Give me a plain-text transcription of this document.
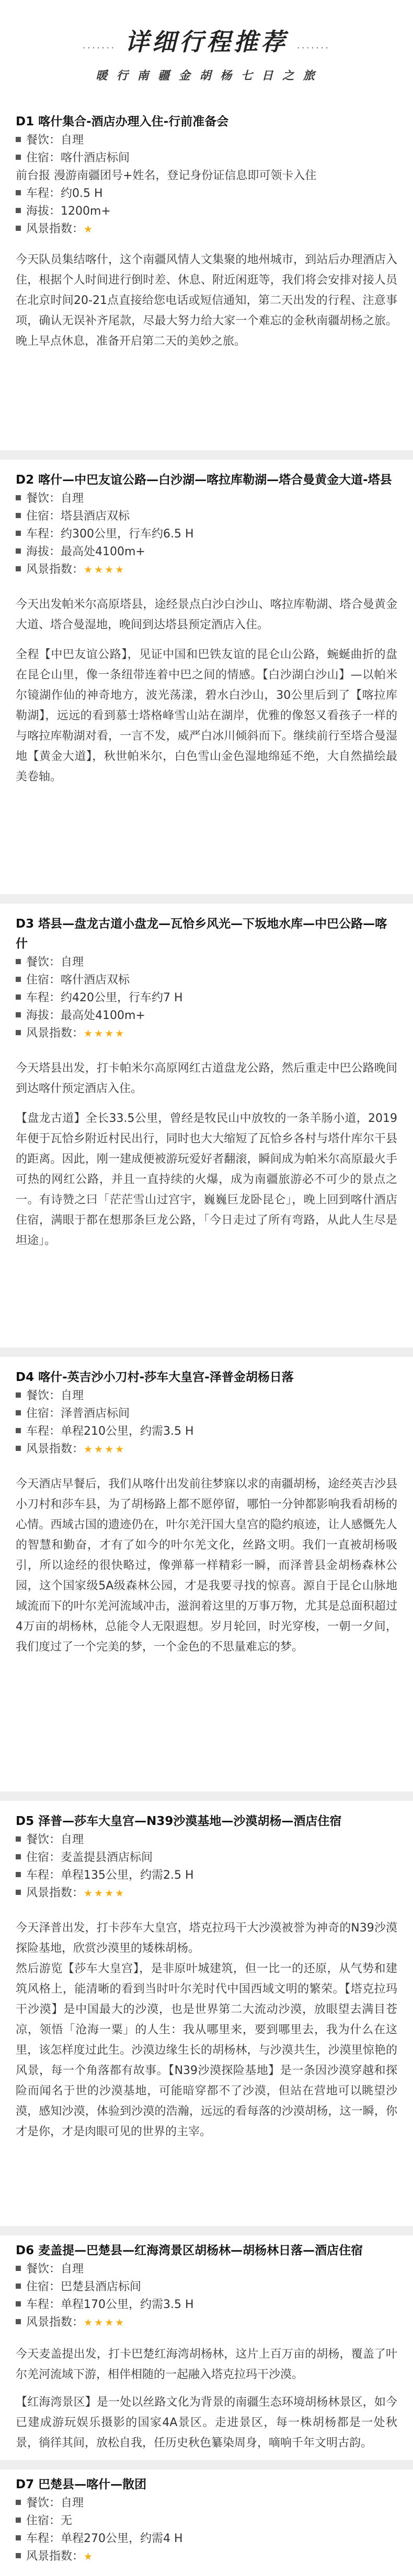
······· 详细行程推荐 ·······
暖 行 南 疆 金 胡 杨 七 日 之 旅
D1 喀什集合-酒店办理入住-行前准备会
餐饮：自理
住宿：喀什酒店标间
前台报 漫游南疆团号+姓名，登记身份证信息即可领卡入住
车程：约0.5 H
海拔：1200m+
风景指数：★
今天队员集结喀什，这个南疆风情人文集聚的地州城市，到站后办理酒店入住，根据个人时间进行倒时差、休息、附近闲逛等，我们将会安排对接人员在北京时间20-21点直接给您电话或短信通知，第二天出发的行程、注意事项，确认无误补齐尾款，尽最大努力给大家一个难忘的金秋南疆胡杨之旅。晚上早点休息，准备开启第二天的美妙之旅。
D2 喀什—中巴友谊公路—白沙湖—喀拉库勒湖—塔合曼黄金大道-塔县
餐饮：自理
住宿：塔县酒店双标
车程：约300公里，行车约6.5 H
海拔：最高处4100m+
风景指数：★★★★
今天出发帕米尔高原塔县，途经景点白沙白沙山、喀拉库勒湖、塔合曼黄金大道、塔合曼湿地，晚间到达塔县预定酒店入住。
全程【中巴友谊公路】，见证中国和巴铁友谊的昆仑山公路，蜿蜒曲折的盘在昆仑山里，像一条纽带连着中巴之间的情感。【白沙湖白沙山】—以帕米尔镜湖作仙的神奇地方，波光荡漾，碧水白沙山，30公里后到了【喀拉库勒湖】，远远的看到慕士塔格峰雪山站在湖岸，优雅的像怒又看孩子一样的与喀拉库勒湖对看，一言不发，威严白冰川倾斜而下。继续前行至塔合曼湿地【黄金大道】，秋世帕米尔，白色雪山金色湿地绵延不绝，大自然描绘最美卷轴。
D3 塔县—盘龙古道小盘龙—瓦恰乡风光—下坂地水库—中巴公路—喀什
餐饮：自理
住宿：喀什酒店双标
车程：约420公里，行车约7 H
海拔：最高处4100m+
风景指数：★★★★
今天塔县出发，打卡帕米尔高原网红古道盘龙公路，然后重走中巴公路晚间到达喀什预定酒店入住。
【盘龙古道】全长33.5公里，曾经是牧民山中放牧的一条羊肠小道，2019年便于瓦恰乡附近村民出行，同时也大大缩短了瓦恰乡各村与塔什库尔干县的距离。因此，刚一建成便被游玩爱好者翻滚，瞬间成为帕米尔高原最火手可热的网红公路，并且一直持续的火爆，成为南疆旅游必不可少的景点之一。有诗赞之曰「茫茫雪山过宫宇，巍巍巨龙卧昆仑」，晚上回到喀什酒店住宿，满眼于都在想那条巨龙公路，「今日走过了所有弯路，从此人生尽是坦途」。
D4 喀什-英吉沙小刀村-莎车大皇宫-泽普金胡杨日落
餐饮：自理
住宿：泽普酒店标间
车程：单程210公里，约需3.5 H
风景指数：★★★★
今天酒店早餐后，我们从喀什出发前往梦寐以求的南疆胡杨，途经英吉沙县小刀村和莎车县，为了胡杨路上都不愿停留，哪怕一分钟都影响我看胡杨的心情。西域古国的遗迹仍在，叶尔羌汗国大皇宫的隐约痕迹，让人感慨先人的智慧和勤奋，才有了如今的叶尔羌文化，丝路文明。我们一直被胡杨吸引，所以途经的很快略过，像弹幕一样精彩一瞬，而泽普县金胡杨森林公园，这个国家级5A级森林公园，才是我要寻找的惊喜。源自于昆仑山脉地域流而下的叶尔羌河流域冲击，滋润着这里的万事万物，尤其是总面积超过4万亩的胡杨林，总能令人无限遐想。岁月轮回，时光穿梭，一朝一夕间，我们度过了一个完美的梦，一个金色的不思量难忘的梦。
D5 泽普—莎车大皇宫—N39沙漠基地—沙漠胡杨—酒店住宿
餐饮：自理
住宿：麦盖提县酒店标间
车程：单程135公里，约需2.5 H
风景指数：★★★★
今天泽普出发，打卡莎车大皇宫，塔克拉玛干大沙漠被誉为神奇的N39沙漠探险基地，欣赏沙漠里的矮株胡杨。
然后游览【莎车大皇宫】，是非原叶城建筑，但一比一的还原，从气势和建筑风格上，能清晰的看到当时叶尔羌时代中国西域文明的繁荣。【塔克拉玛干沙漠】是中国最大的沙漠，也是世界第二大流动沙漠，放眼望去满目苍凉，领悟「沧海一粟」的人生：我从哪里来，要到哪里去，我为什么在这里，该怎样度过此生。沙漠边缘生长的胡杨林，与沙漠共生，沙漠里惊艳的风景，每一个角落都有故事。【N39沙漠探险基地】是一条因沙漠穿越和探险而闻名于世的沙漠基地，可能暗穿都不了沙漠，但站在营地可以眺望沙漠，感知沙漠，体验到沙漠的浩瀚，远远的看每落的沙漠胡杨，这一瞬，你才是你，才是肉眼可见的世界的主宰。
D6 麦盖提—巴楚县—红海湾景区胡杨林—胡杨林日落—酒店住宿
餐饮：自理
住宿：巴楚县酒店标间
车程：单程170公里，约需3.5 H
风景指数：★★★★
今天麦盖提出发，打卡巴楚红海湾胡杨林，这片上百万亩的胡杨，覆盖了叶尔羌河流域下游，相伴相随的一起融入塔克拉玛干沙漠。
【红海湾景区】是一处以丝路文化为背景的南疆生态环境胡杨林景区，如今已建成游玩娱乐摄影的国家4A景区。走进景区，每一株胡杨都是一处秋景，徜徉其间，放松自我，任历史秋色纂染周身，嘀响千年文明古韵。
D7 巴楚县—喀什—散团
餐饮：自理
住宿：无
车程：单程270公里，约需4 H
风景指数：★
